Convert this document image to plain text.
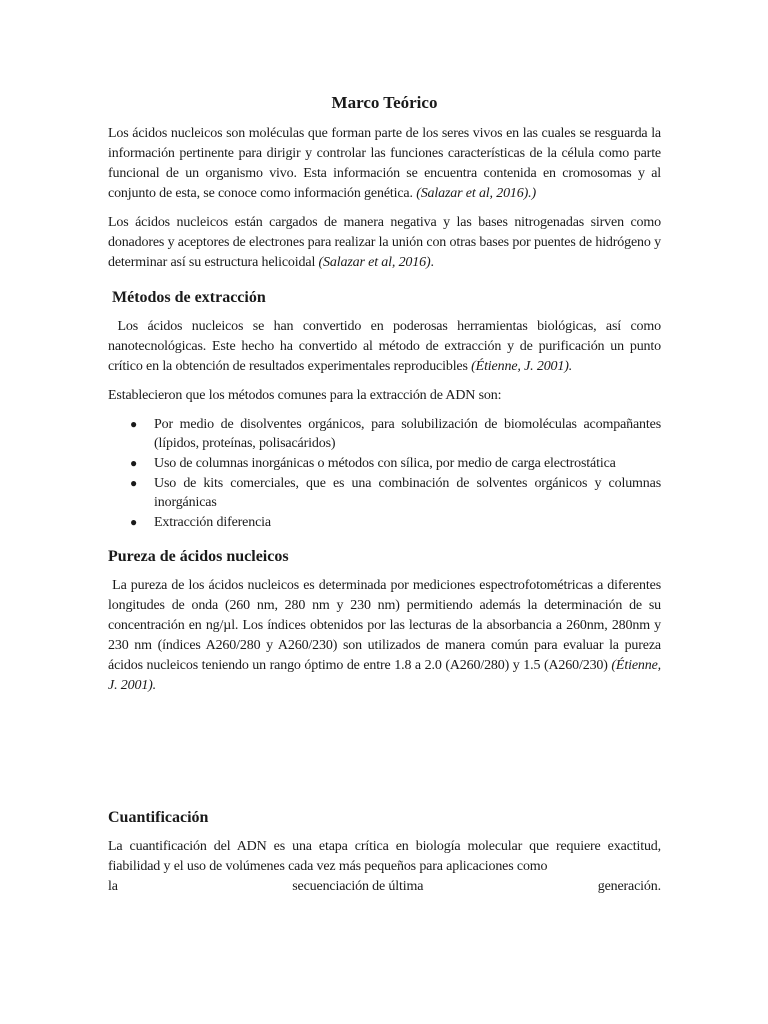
Marco Teórico

Los ácidos nucleicos son moléculas que forman parte de los seres vivos en las cuales se resguarda la información pertinente para dirigir y controlar las funciones características de la célula como parte funcional de un organismo vivo. Esta información se encuentra contenida en cromosomas y al conjunto de esta, se conoce como información genética. (Salazar et al, 2016).)

Los ácidos nucleicos están cargados de manera negativa y las bases nitrogenadas sirven como donadores y aceptores de electrones para realizar la unión con otras bases por puentes de hidrógeno y determinar así su estructura helicoidal (Salazar et al, 2016).

Métodos de extracción

Los ácidos nucleicos se han convertido en poderosas herramientas biológicas, así como nanotecnológicas. Este hecho ha convertido al método de extracción y de purificación un punto crítico en la obtención de resultados experimentales reproducibles (Étienne, J. 2001).

Establecieron que los métodos comunes para la extracción de ADN son:

● Por medio de disolventes orgánicos, para solubilización de biomoléculas acompañantes (lípidos, proteínas, polisacáridos)
● Uso de columnas inorgánicas o métodos con sílica, por medio de carga electrostática
● Uso de kits comerciales, que es una combinación de solventes orgánicos y columnas inorgánicas
● Extracción diferencia
Pureza de ácidos nucleicos

La pureza de los ácidos nucleicos es determinada por mediciones espectrofotométricas a diferentes longitudes de onda (260 nm, 280 nm y 230 nm) permitiendo además la determinación de su concentración en ng/µl. Los índices obtenidos por las lecturas de la absorbancia a 260nm, 280nm y 230 nm (índices A260/280 y A260/230) son utilizados de manera común para evaluar la pureza ácidos nucleicos teniendo un rango óptimo de entre 1.8 a 2.0 (A260/280) y 1.5 (A260/230) (Étienne, J. 2001).

Cuantificación

La cuantificación del ADN es una etapa crítica en biología molecular que requiere exactitud, fiabilidad y el uso de volúmenes cada vez más pequeños para aplicaciones como

la	secuenciación de última	generación.
